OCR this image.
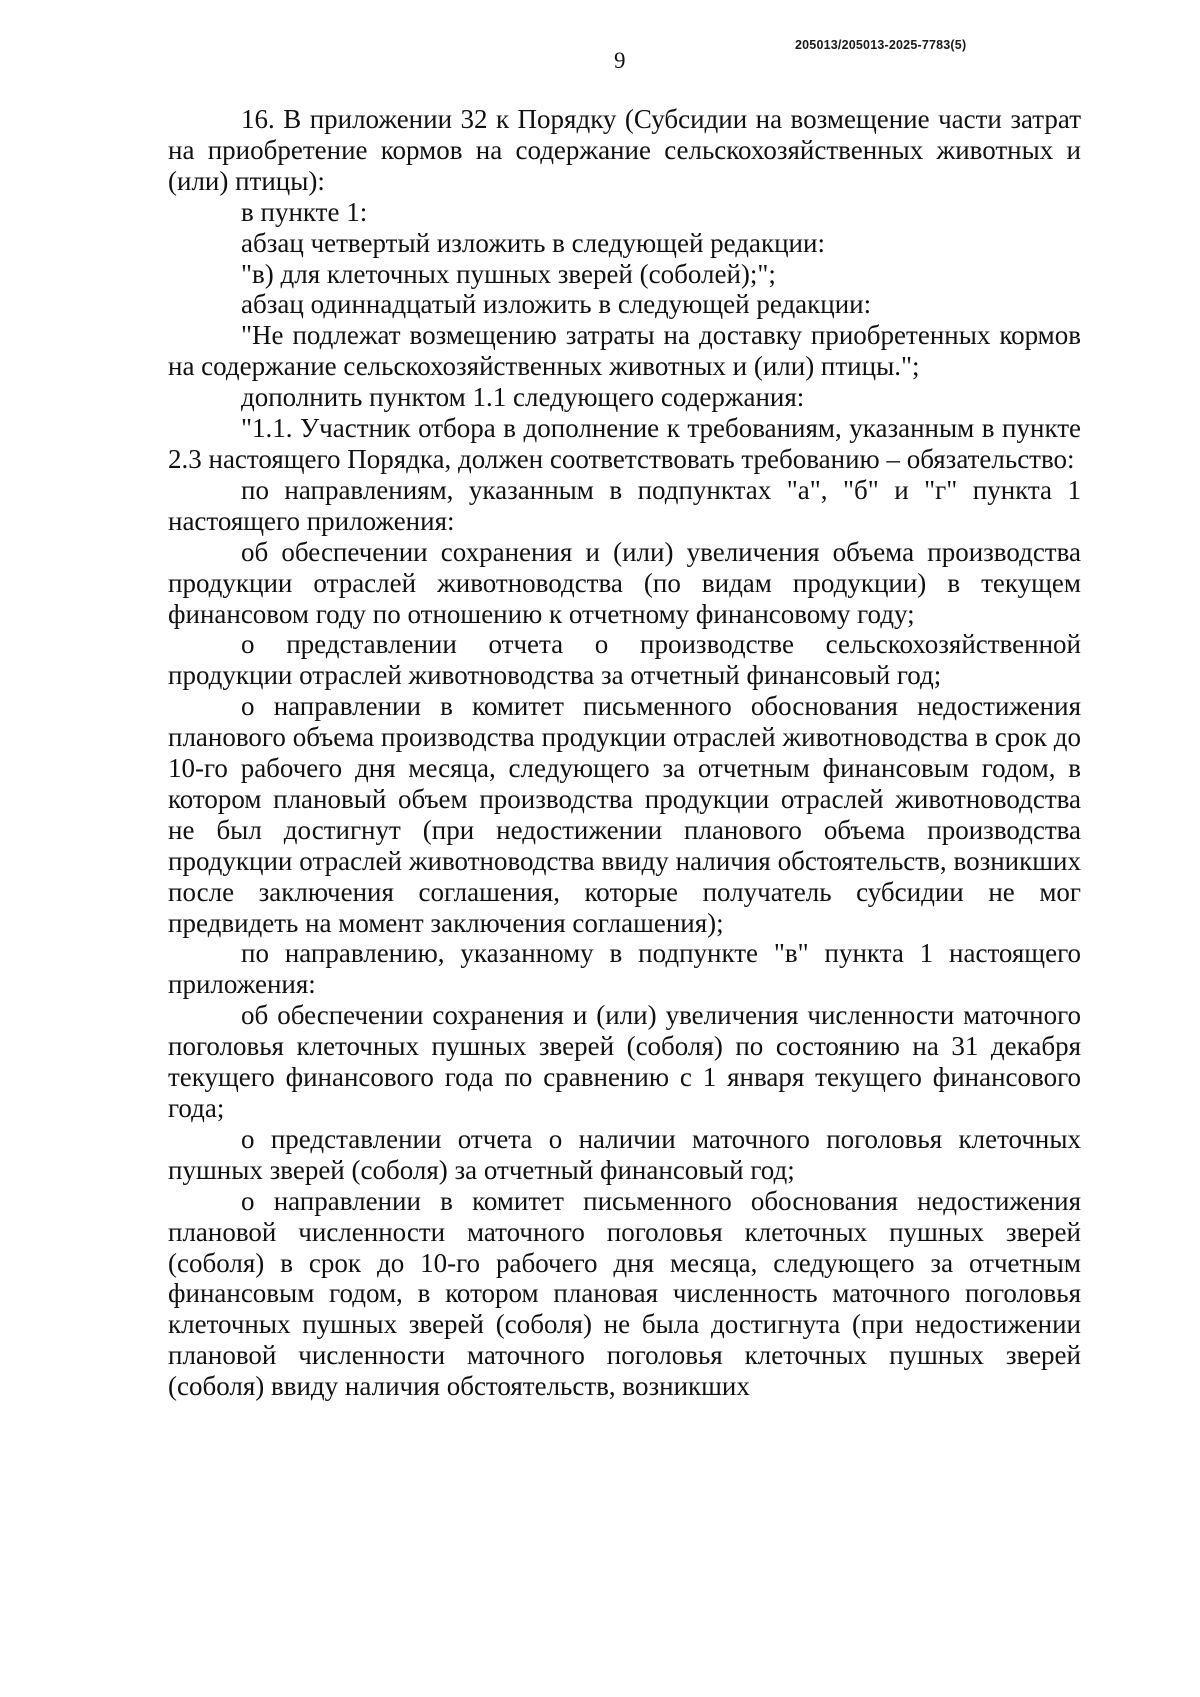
205013/205013-2025-7783(5)
9

16. В приложении 32 к Порядку (Субсидии на возмещение части затрат на приобретение кормов на содержание сельскохозяйственных животных и (или) птицы):

в пункте 1:

абзац четвертый изложить в следующей редакции:

"в) для клеточных пушных зверей (соболей);";

абзац одиннадцатый изложить в следующей редакции:

"Не подлежат возмещению затраты на доставку приобретенных кормов на содержание сельскохозяйственных животных и (или) птицы.";

дополнить пунктом 1.1 следующего содержания:

"1.1. Участник отбора в дополнение к требованиям, указанным в пункте 2.3 настоящего Порядка, должен соответствовать требованию – обязательство:

по направлениям, указанным в подпунктах "а", "б" и "г" пункта 1 настоящего приложения:

об обеспечении сохранения и (или) увеличения объема производства продукции отраслей животноводства (по видам продукции) в текущем финансовом году по отношению к отчетному финансовому году;

о представлении отчета о производстве сельскохозяйственной продукции отраслей животноводства за отчетный финансовый год;

о направлении в комитет письменного обоснования недостижения планового объема производства продукции отраслей животноводства в срок до 10-го рабочего дня месяца, следующего за отчетным финансовым годом, в котором плановый объем производства продукции отраслей животноводства не был достигнут (при недостижении планового объема производства продукции отраслей животноводства ввиду наличия обстоятельств, возникших после заключения соглашения, которые получатель субсидии не мог предвидеть на момент заключения соглашения);

по направлению, указанному в подпункте "в" пункта 1 настоящего приложения:

об обеспечении сохранения и (или) увеличения численности маточного поголовья клеточных пушных зверей (соболя) по состоянию на 31 декабря текущего финансового года по сравнению с 1 января текущего финансового года;

о представлении отчета о наличии маточного поголовья клеточных пушных зверей (соболя) за отчетный финансовый год;

о направлении в комитет письменного обоснования недостижения плановой численности маточного поголовья клеточных пушных зверей (соболя) в срок до 10-го рабочего дня месяца, следующего за отчетным финансовым годом, в котором плановая численность маточного поголовья клеточных пушных зверей (соболя) не была достигнута (при недостижении плановой численности маточного поголовья клеточных пушных зверей (соболя) ввиду наличия обстоятельств, возникших
